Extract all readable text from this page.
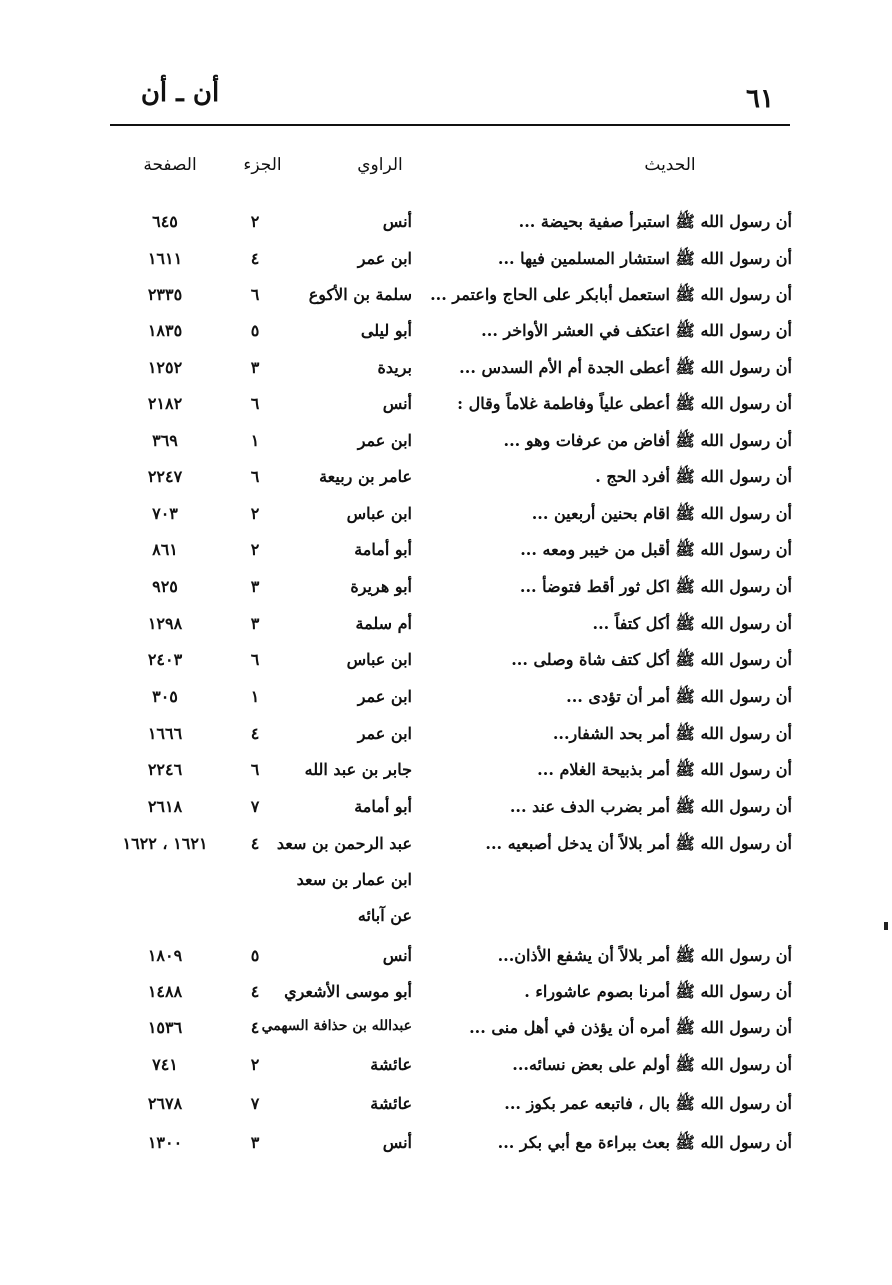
أن ـ أن	٦١
الحديث
الراوي
الجزء
الصفحة
أن رسول الله ﷺ استبرأ صفية بحيضة ...
أنس
٢
٦٤٥
أن رسول الله ﷺ استشار المسلمين فيها ...
ابن عمر
٤
١٦١١
أن رسول الله ﷺ استعمل أبابكر على الحاج واعتمر ...
سلمة بن الأكوع
٦
٢٣٣٥
أن رسول الله ﷺ اعتكف في العشر الأواخر ...
أبو ليلى
٥
١٨٣٥
أن رسول الله ﷺ أعطى الجدة أم الأم السدس ...
بريدة
٣
١٢٥٢
أن رسول الله ﷺ أعطى علياً وفاطمة غلاماً وقال :
أنس
٦
٢١٨٢
أن رسول الله ﷺ أفاض من عرفات وهو ...
ابن عمر
١
٣٦٩
أن رسول الله ﷺ أفرد الحج .
عامر بن ربيعة
٦
٢٢٤٧
أن رسول الله ﷺ اقام بحنين أربعين ...
ابن عباس
٢
٧٠٣
أن رسول الله ﷺ أقبل من خيبر ومعه ...
أبو أمامة
٢
٨٦١
أن رسول الله ﷺ اكل ثور أقط فتوضأ ...
أبو هريرة
٣
٩٢٥
أن رسول الله ﷺ أكل كتفاً ...
أم سلمة
٣
١٢٩٨
أن رسول الله ﷺ أكل كتف شاة وصلى ...
ابن عباس
٦
٢٤٠٣
أن رسول الله ﷺ أمر أن تؤدى ...
ابن عمر
١
٣٠٥
أن رسول الله ﷺ أمر بحد الشفار...
ابن عمر
٤
١٦٦٦
أن رسول الله ﷺ أمر بذبيحة الغلام ...
جابر بن عبد الله
٦
٢٢٤٦
أن رسول الله ﷺ أمر بضرب الدف عند ...
أبو أمامة
٧
٢٦١٨
أن رسول الله ﷺ أمر بلالاً أن يدخل أصبعيه ...
عبد الرحمن بن سعد
٤
١٦٢١ ، ١٦٢٢
ابن عمار بن سعد
عن آبائه
أن رسول الله ﷺ أمر بلالاً أن يشفع الأذان...
أنس
٥
١٨٠٩
أن رسول الله ﷺ أمرنا بصوم عاشوراء .
أبو موسى الأشعري
٤
١٤٨٨
أن رسول الله ﷺ أمره أن يؤذن في أهل منى ...
عبدالله بن حذافة السهمي
٤
١٥٣٦
أن رسول الله ﷺ أولم على بعض نسائه...
عائشة
٢
٧٤١
أن رسول الله ﷺ بال ، فاتبعه عمر بكوز ...
عائشة
٧
٢٦٧٨
أن رسول الله ﷺ بعث ببراءة مع أبي بكر ...
أنس
٣
١٣٠٠
